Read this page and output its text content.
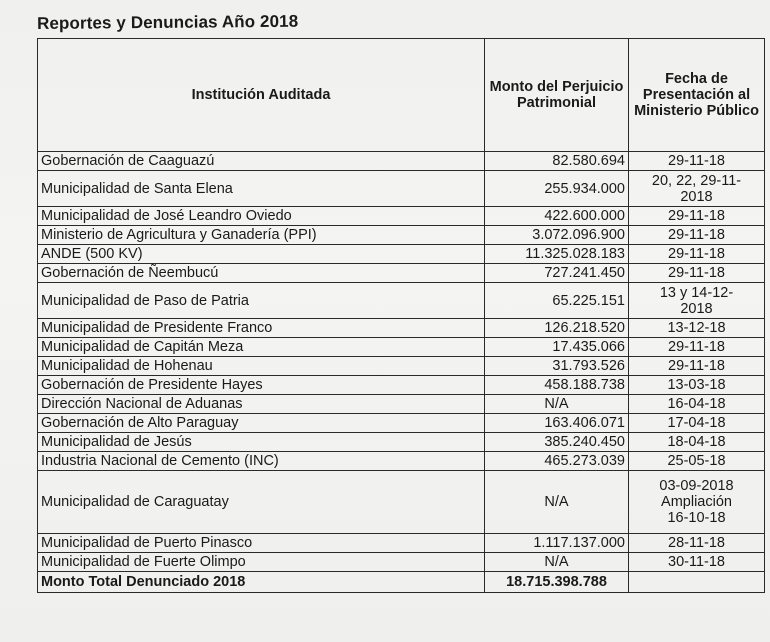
Reportes y Denuncias Año 2018
Institución Auditada	Monto del Perjuicio Patrimonial	Fecha de Presentación al Ministerio Público
Gobernación de Caaguazú	82.580.694	29-11-18
Municipalidad de Santa Elena	255.934.000	20, 22, 29-11-
2018
Municipalidad de José Leandro Oviedo	422.600.000	29-11-18
Ministerio de Agricultura y Ganadería (PPI)	3.072.096.900	29-11-18
ANDE (500 KV)	11.325.028.183	29-11-18
Gobernación de Ñeembucú	727.241.450	29-11-18
Municipalidad de Paso de Patria	65.225.151	13 y 14-12-
2018
Municipalidad de Presidente Franco	126.218.520	13-12-18
Municipalidad de Capitán Meza	17.435.066	29-11-18
Municipalidad de Hohenau	31.793.526	29-11-18
Gobernación de Presidente Hayes	458.188.738	13-03-18
Dirección Nacional de Aduanas	N/A	16-04-18
Gobernación de Alto Paraguay	163.406.071	17-04-18
Municipalidad de Jesús	385.240.450	18-04-18
Industria Nacional de Cemento (INC)	465.273.039	25-05-18
Municipalidad de Caraguatay	N/A	03-09-2018
Ampliación
16-10-18
Municipalidad de Puerto Pinasco	1.117.137.000	28-11-18
Municipalidad de Fuerte Olimpo	N/A	30-11-18
Monto Total Denunciado 2018	18.715.398.788	
